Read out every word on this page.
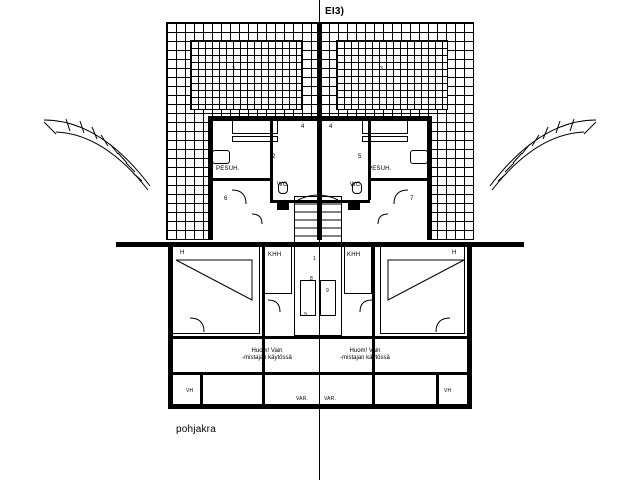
EI3)
3	3
PESUH.	PESUH.
WC	WC
4	4
2	5
6	7
H	H
KHH	KHH
VH	VH
VAR.	VAR.
1
8
9
9
Huom! Vain
-mistajan käytössä
Huom! Vain
-mistajan käytössä
pohjakra
